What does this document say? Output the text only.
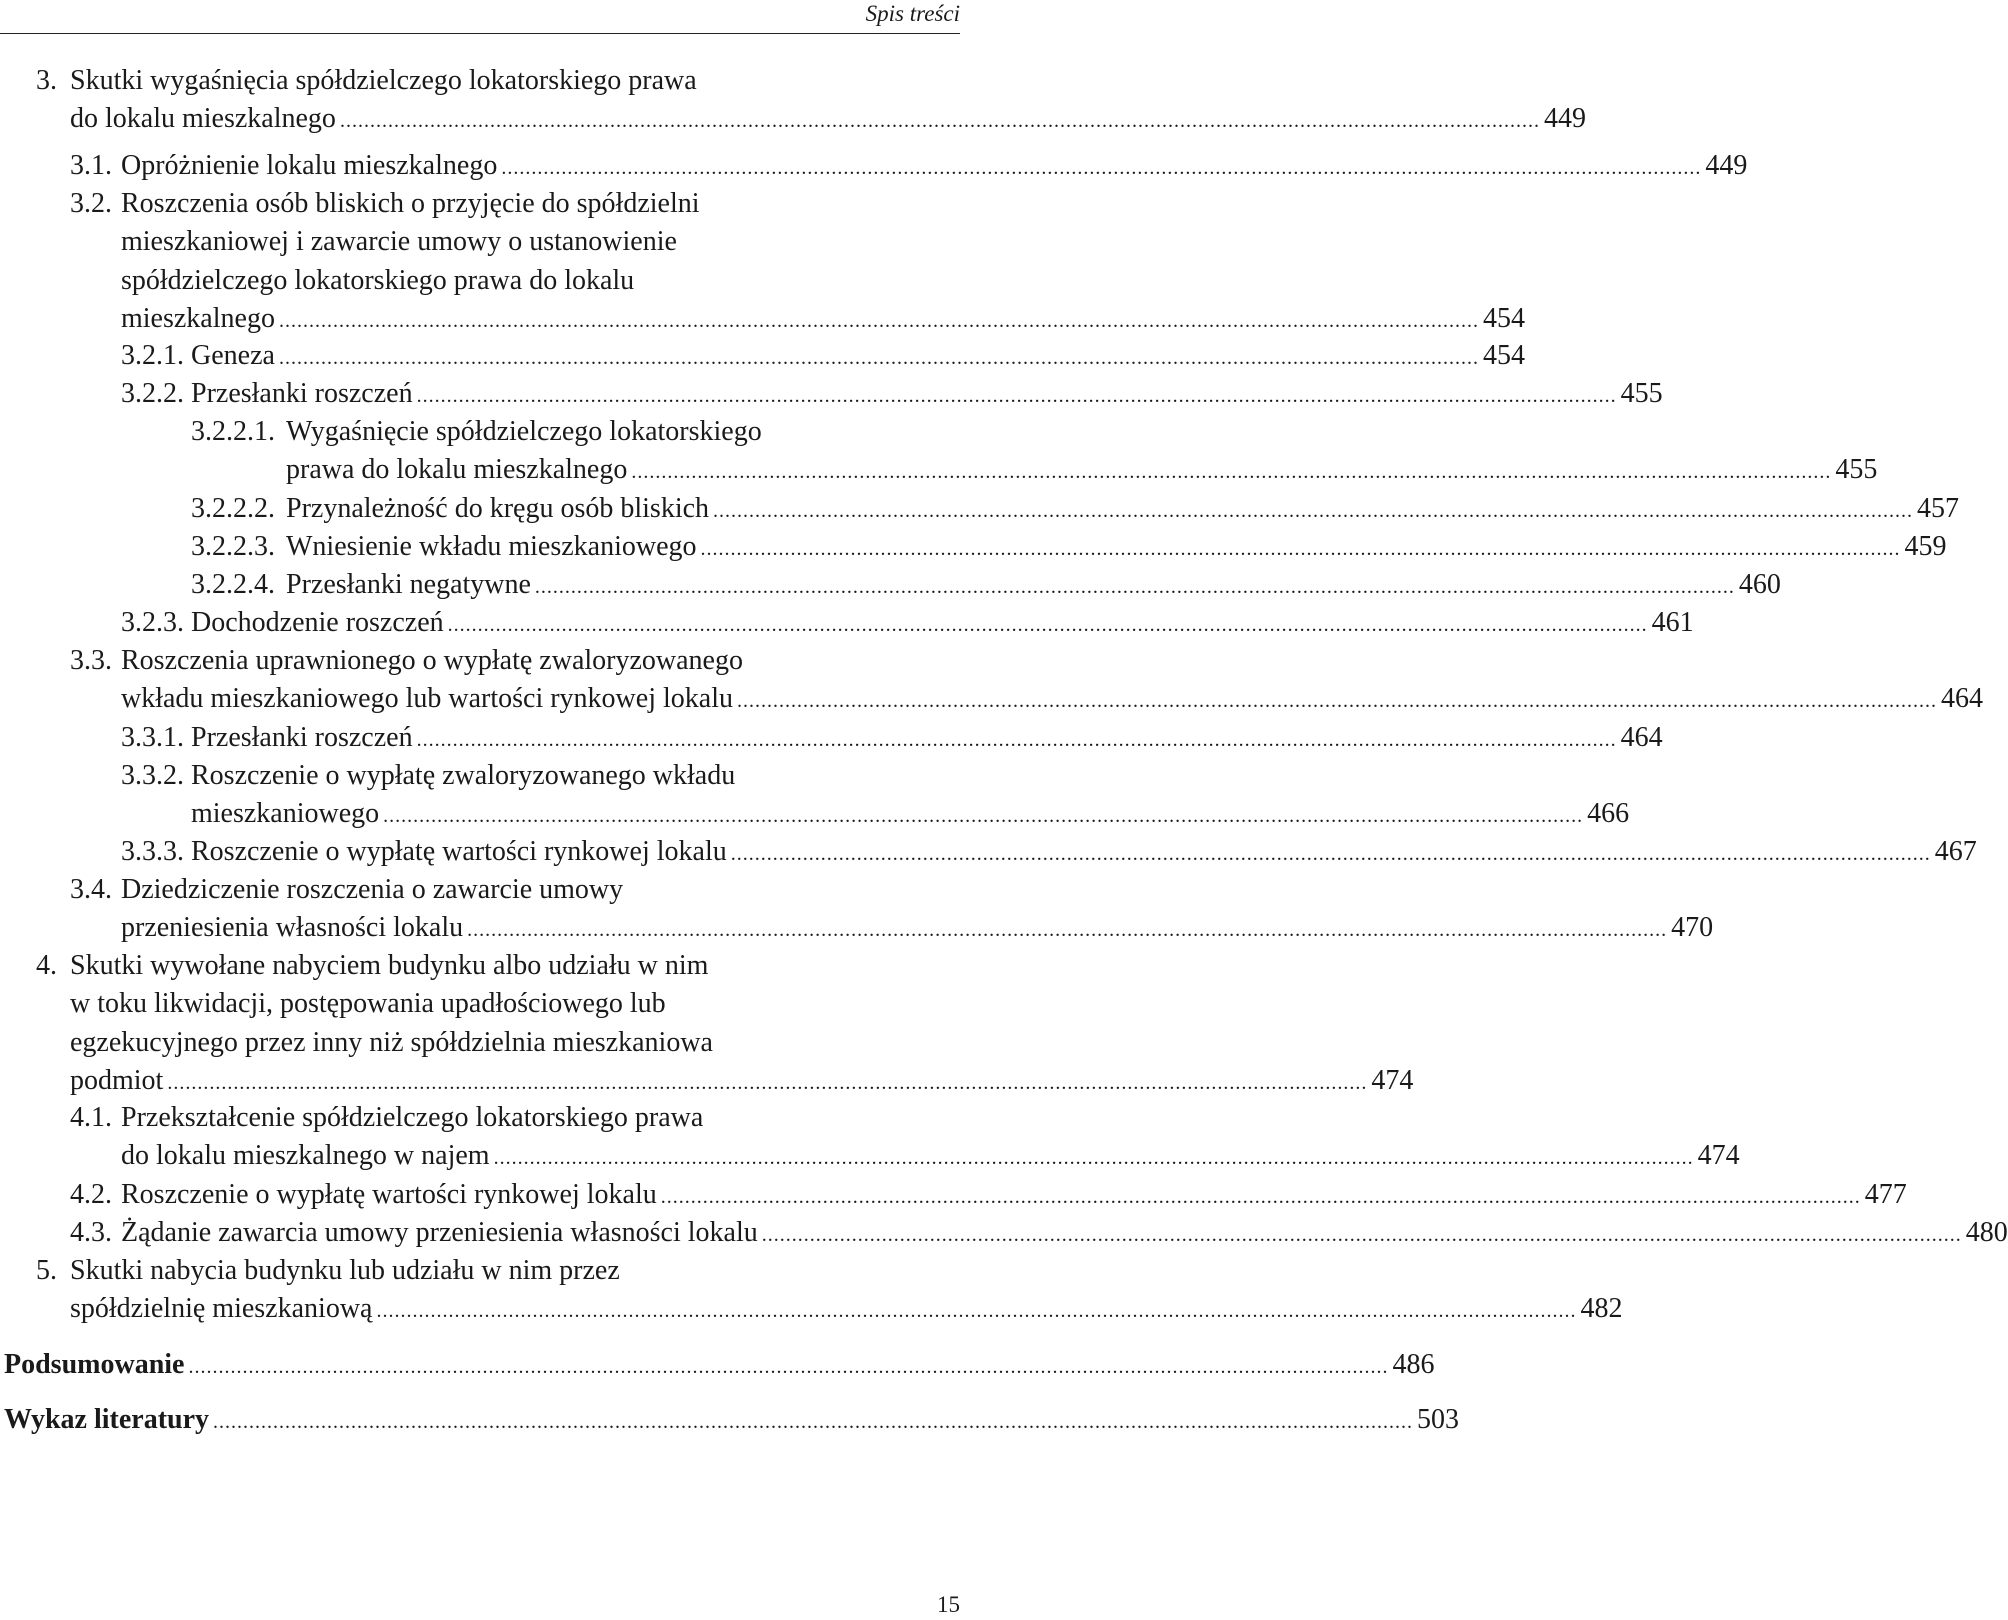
Spis treści
3. Skutki wygaśnięcia spółdzielczego lokatorskiego prawa
do lokalu mieszkalnego ........................................................................................................................................................................................................ 449
3.1. Opróżnienie lokalu mieszkalnego ........................................................................................................................................................................................................ 449
3.2. Roszczenia osób bliskich o przyjęcie do spółdzielni
mieszkaniowej i zawarcie umowy o ustanowienie
spółdzielczego lokatorskiego prawa do lokalu
mieszkalnego ........................................................................................................................................................................................................ 454
3.2.1. Geneza ........................................................................................................................................................................................................ 454
3.2.2. Przesłanki roszczeń ........................................................................................................................................................................................................ 455
3.2.2.1. Wygaśnięcie spółdzielczego lokatorskiego
prawa do lokalu mieszkalnego ........................................................................................................................................................................................................ 455
3.2.2.2. Przynależność do kręgu osób bliskich ........................................................................................................................................................................................................ 457
3.2.2.3. Wniesienie wkładu mieszkaniowego ........................................................................................................................................................................................................ 459
3.2.2.4. Przesłanki negatywne ........................................................................................................................................................................................................ 460
3.2.3. Dochodzenie roszczeń ........................................................................................................................................................................................................ 461
3.3. Roszczenia uprawnionego o wypłatę zwaloryzowanego
wkładu mieszkaniowego lub wartości rynkowej lokalu ........................................................................................................................................................................................................ 464
3.3.1. Przesłanki roszczeń ........................................................................................................................................................................................................ 464
3.3.2. Roszczenie o wypłatę zwaloryzowanego wkładu
mieszkaniowego ........................................................................................................................................................................................................ 466
3.3.3. Roszczenie o wypłatę wartości rynkowej lokalu ........................................................................................................................................................................................................ 467
3.4. Dziedziczenie roszczenia o zawarcie umowy
przeniesienia własności lokalu ........................................................................................................................................................................................................ 470
4. Skutki wywołane nabyciem budynku albo udziału w nim
w toku likwidacji, postępowania upadłościowego lub
egzekucyjnego przez inny niż spółdzielnia mieszkaniowa
podmiot ........................................................................................................................................................................................................ 474
4.1. Przekształcenie spółdzielczego lokatorskiego prawa
do lokalu mieszkalnego w najem ........................................................................................................................................................................................................ 474
4.2. Roszczenie o wypłatę wartości rynkowej lokalu ........................................................................................................................................................................................................ 477
4.3. Żądanie zawarcia umowy przeniesienia własności lokalu ........................................................................................................................................................................................................ 480
5. Skutki nabycia budynku lub udziału w nim przez
spółdzielnię mieszkaniową ........................................................................................................................................................................................................ 482
Podsumowanie ........................................................................................................................................................................................................ 486
Wykaz literatury ........................................................................................................................................................................................................ 503
15
